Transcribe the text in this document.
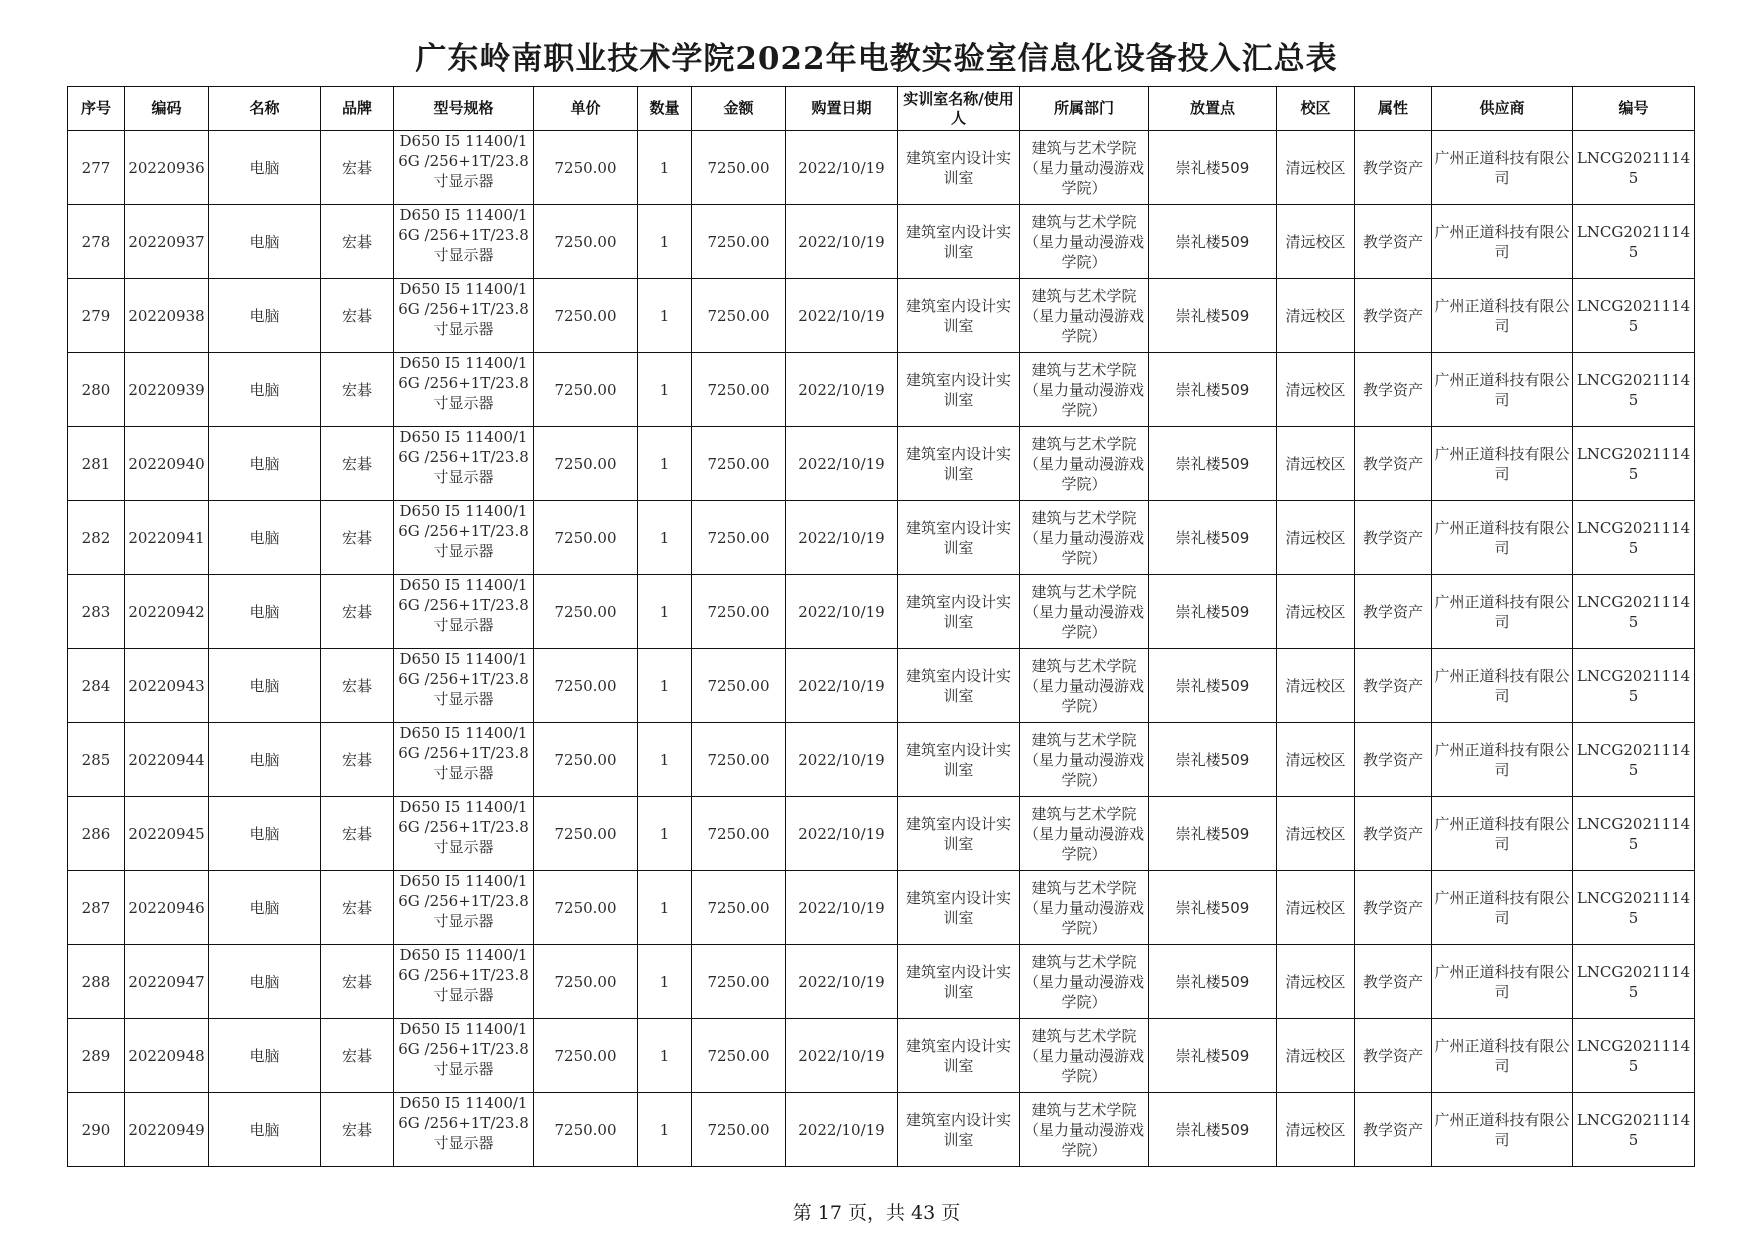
广东岭南职业技术学院2022年电教实验室信息化设备投入汇总表
序号	编码	名称	品牌	型号规格	单价	数量	金额	购置日期	实训室名称/使用人	所属部门	放置点	校区	属性	供应商	编号
277	20220936	电脑	宏碁	D650 I5 11400/16G /256+1T/23.8寸显示器	7250.00	1	7250.00	2022/10/19	建筑室内设计实训室	建筑与艺术学院（星力量动漫游戏学院）	崇礼楼509	清远校区	教学资产	广州正道科技有限公司	LNCG20211145
278	20220937	电脑	宏碁	D650 I5 11400/16G /256+1T/23.8寸显示器	7250.00	1	7250.00	2022/10/19	建筑室内设计实训室	建筑与艺术学院（星力量动漫游戏学院）	崇礼楼509	清远校区	教学资产	广州正道科技有限公司	LNCG20211145
279	20220938	电脑	宏碁	D650 I5 11400/16G /256+1T/23.8寸显示器	7250.00	1	7250.00	2022/10/19	建筑室内设计实训室	建筑与艺术学院（星力量动漫游戏学院）	崇礼楼509	清远校区	教学资产	广州正道科技有限公司	LNCG20211145
280	20220939	电脑	宏碁	D650 I5 11400/16G /256+1T/23.8寸显示器	7250.00	1	7250.00	2022/10/19	建筑室内设计实训室	建筑与艺术学院（星力量动漫游戏学院）	崇礼楼509	清远校区	教学资产	广州正道科技有限公司	LNCG20211145
281	20220940	电脑	宏碁	D650 I5 11400/16G /256+1T/23.8寸显示器	7250.00	1	7250.00	2022/10/19	建筑室内设计实训室	建筑与艺术学院（星力量动漫游戏学院）	崇礼楼509	清远校区	教学资产	广州正道科技有限公司	LNCG20211145
282	20220941	电脑	宏碁	D650 I5 11400/16G /256+1T/23.8寸显示器	7250.00	1	7250.00	2022/10/19	建筑室内设计实训室	建筑与艺术学院（星力量动漫游戏学院）	崇礼楼509	清远校区	教学资产	广州正道科技有限公司	LNCG20211145
283	20220942	电脑	宏碁	D650 I5 11400/16G /256+1T/23.8寸显示器	7250.00	1	7250.00	2022/10/19	建筑室内设计实训室	建筑与艺术学院（星力量动漫游戏学院）	崇礼楼509	清远校区	教学资产	广州正道科技有限公司	LNCG20211145
284	20220943	电脑	宏碁	D650 I5 11400/16G /256+1T/23.8寸显示器	7250.00	1	7250.00	2022/10/19	建筑室内设计实训室	建筑与艺术学院（星力量动漫游戏学院）	崇礼楼509	清远校区	教学资产	广州正道科技有限公司	LNCG20211145
285	20220944	电脑	宏碁	D650 I5 11400/16G /256+1T/23.8寸显示器	7250.00	1	7250.00	2022/10/19	建筑室内设计实训室	建筑与艺术学院（星力量动漫游戏学院）	崇礼楼509	清远校区	教学资产	广州正道科技有限公司	LNCG20211145
286	20220945	电脑	宏碁	D650 I5 11400/16G /256+1T/23.8寸显示器	7250.00	1	7250.00	2022/10/19	建筑室内设计实训室	建筑与艺术学院（星力量动漫游戏学院）	崇礼楼509	清远校区	教学资产	广州正道科技有限公司	LNCG20211145
287	20220946	电脑	宏碁	D650 I5 11400/16G /256+1T/23.8寸显示器	7250.00	1	7250.00	2022/10/19	建筑室内设计实训室	建筑与艺术学院（星力量动漫游戏学院）	崇礼楼509	清远校区	教学资产	广州正道科技有限公司	LNCG20211145
288	20220947	电脑	宏碁	D650 I5 11400/16G /256+1T/23.8寸显示器	7250.00	1	7250.00	2022/10/19	建筑室内设计实训室	建筑与艺术学院（星力量动漫游戏学院）	崇礼楼509	清远校区	教学资产	广州正道科技有限公司	LNCG20211145
289	20220948	电脑	宏碁	D650 I5 11400/16G /256+1T/23.8寸显示器	7250.00	1	7250.00	2022/10/19	建筑室内设计实训室	建筑与艺术学院（星力量动漫游戏学院）	崇礼楼509	清远校区	教学资产	广州正道科技有限公司	LNCG20211145
290	20220949	电脑	宏碁	D650 I5 11400/16G /256+1T/23.8寸显示器	7250.00	1	7250.00	2022/10/19	建筑室内设计实训室	建筑与艺术学院（星力量动漫游戏学院）	崇礼楼509	清远校区	教学资产	广州正道科技有限公司	LNCG20211145
第 17 页，共 43 页
